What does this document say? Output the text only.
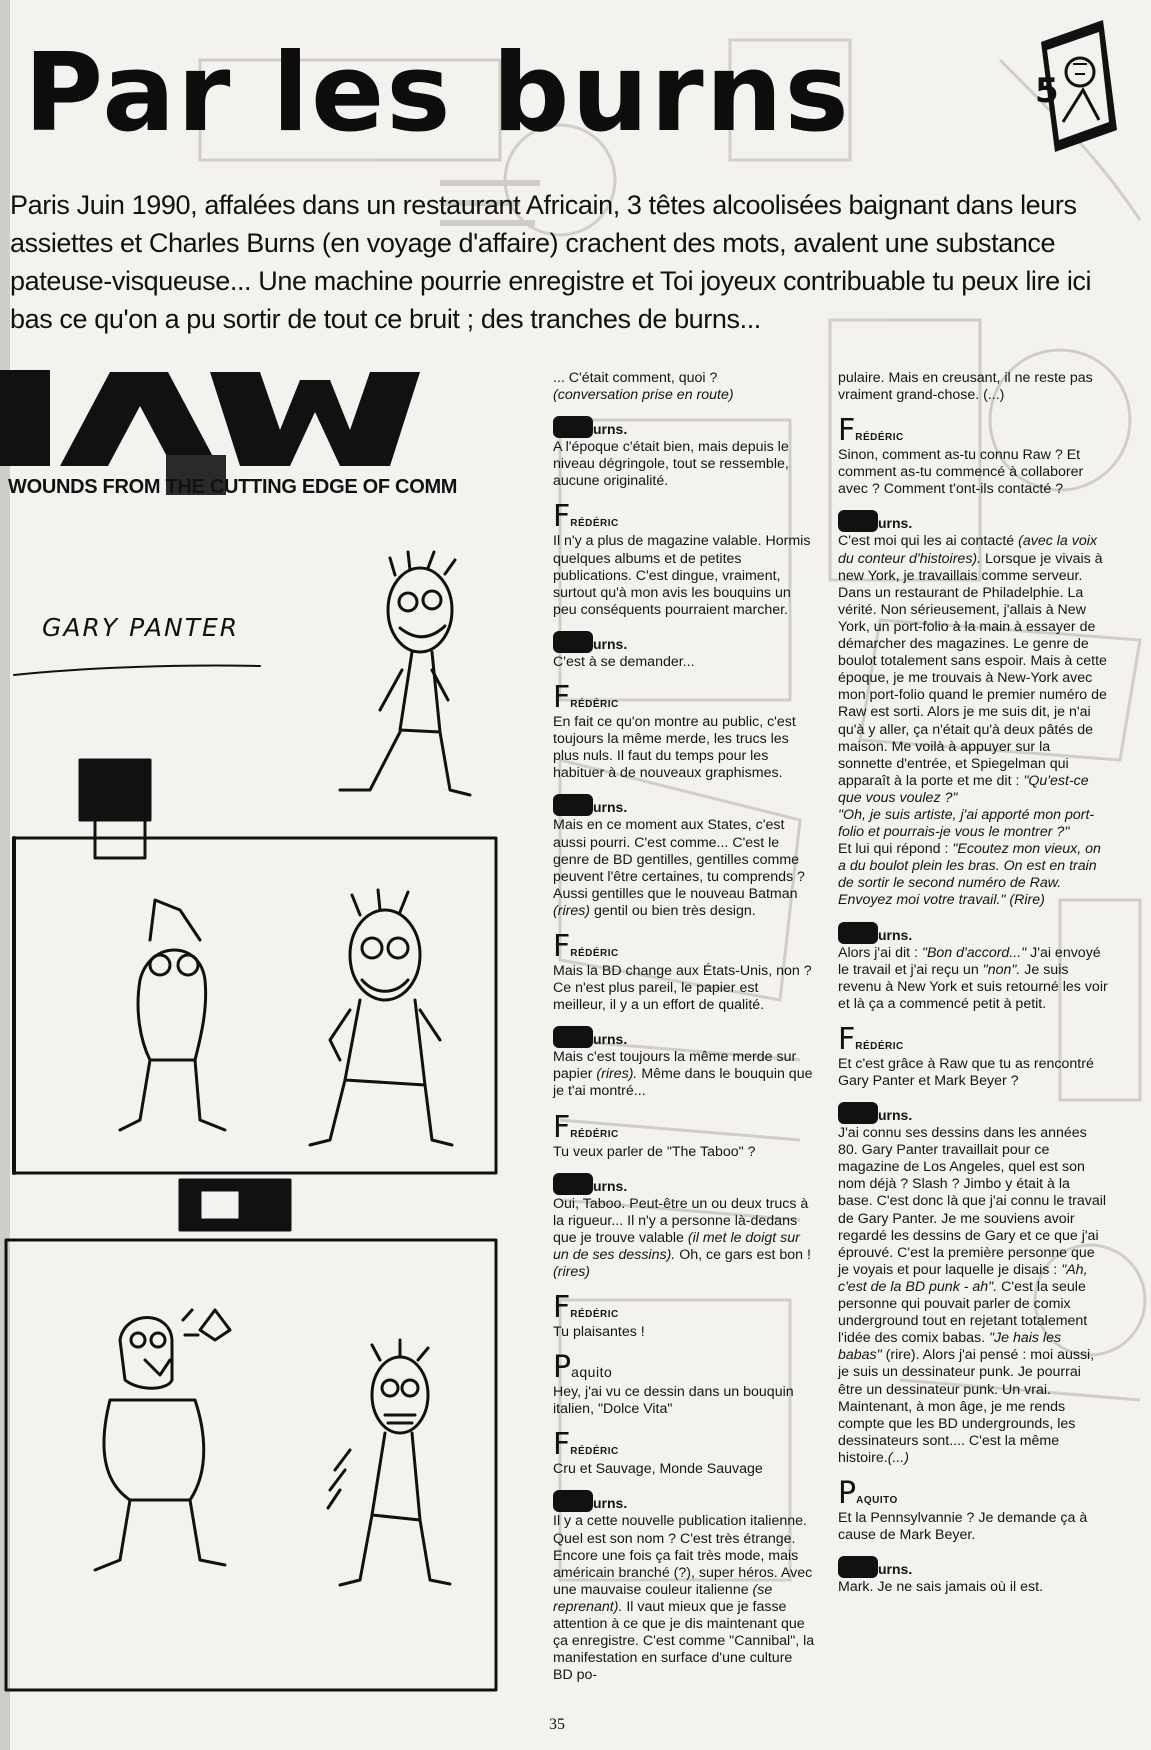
Par les burns	5

Paris Juin 1990, affalées dans un restaurant Africain, 3 têtes alcoolisées baignant dans leurs assiettes et Charles Burns (en voyage d'affaire) crachent des mots, avalent une substance pateuse-visqueuse... Une machine pourrie enregistre et Toi joyeux contribuable tu peux lire ici bas ce qu'on a pu sortir de tout ce bruit ; des tranches de burns...

RAW

WOUNDS FROM THE CUTTING EDGE OF COMM

GARY PANTER

... C'était comment, quoi ?
(conversation prise en route)

urns.
A l'époque c'était bien, mais depuis le niveau dégringole, tout se ressemble, aucune originalité.
FRÉDÉRIC
Il n'y a plus de magazine valable. Hormis quelques albums et de petites publications. C'est dingue, vraiment, surtout qu'à mon avis les bouquins un peu conséquents pourraient marcher.
urns.
C'est à se demander...
FRÉDÉRIC
En fait ce qu'on montre au public, c'est toujours la même merde, les trucs les plus nuls. Il faut du temps pour les habituer à de nouveaux graphismes.
urns.
Mais en ce moment aux States, c'est aussi pourri. C'est comme... C'est le genre de BD gentilles, gentilles comme peuvent l'être certaines, tu comprends ? Aussi gentilles que le nouveau Batman (rires) gentil ou bien très design.
FRÉDÉRIC
Mais la BD change aux États-Unis, non ? Ce n'est plus pareil, le papier est meilleur, il y a un effort de qualité.
urns.
Mais c'est toujours la même merde sur papier (rires). Même dans le bouquin que je t'ai montré...
FRÉDÉRIC
Tu veux parler de "The Taboo" ?
urns.
Oui, Taboo. Peut-être un ou deux trucs à la rigueur... Il n'y a personne là-dedans que je trouve valable (il met le doigt sur un de ses dessins). Oh, ce gars est bon ! (rires)
FRÉDÉRIC
Tu plaisantes !
Paquito
Hey, j'ai vu ce dessin dans un bouquin italien, "Dolce Vita"
FRÉDÉRIC
Cru et Sauvage, Monde Sauvage
urns.
Il y a cette nouvelle publication italienne. Quel est son nom ? C'est très étrange. Encore une fois ça fait très mode, mais américain branché (?), super héros. Avec une mauvaise couleur italienne (se reprenant). Il vaut mieux que je fasse attention à ce que je dis maintenant que ça enregistre. C'est comme "Cannibal", la manifestation en surface d'une culture BD po-

pulaire. Mais en creusant, il ne reste pas vraiment grand-chose. (...)

FRÉDÉRIC
Sinon, comment as-tu connu Raw ? Et comment as-tu commencé à collaborer avec ? Comment t'ont-ils contacté ?
urns.
C'est moi qui les ai contacté (avec la voix du conteur d'histoires). Lorsque je vivais à new York, je travaillais comme serveur. Dans un restaurant de Philadelphie. La vérité. Non sérieusement, j'allais à New York, un port-folio à la main à essayer de démarcher des magazines. Le genre de boulot totalement sans espoir. Mais à cette époque, je me trouvais à New-York avec mon port-folio quand le premier numéro de Raw est sorti. Alors je me suis dit, je n'ai qu'à y aller, ça n'était qu'à deux pâtés de maison. Me voilà à appuyer sur la sonnette d'entrée, et Spiegelman qui apparaît à la porte et me dit : "Qu'est-ce que vous voulez ?"
"Oh, je suis artiste, j'ai apporté mon port-folio et pourrais-je vous le montrer ?"
Et lui qui répond : "Ecoutez mon vieux, on a du boulot plein les bras. On est en train de sortir le second numéro de Raw. Envoyez moi votre travail." (Rire)
urns.
Alors j'ai dit : "Bon d'accord..." J'ai envoyé le travail et j'ai reçu un "non". Je suis revenu à New York et suis retourné les voir et là ça a commencé petit à petit.
FRÉDÉRIC
Et c'est grâce à Raw que tu as rencontré Gary Panter et Mark Beyer ?
urns.
J'ai connu ses dessins dans les années 80. Gary Panter travaillait pour ce magazine de Los Angeles, quel est son nom déjà ? Slash ? Jimbo y était à la base. C'est donc là que j'ai connu le travail de Gary Panter. Je me souviens avoir regardé les dessins de Gary et ce que j'ai éprouvé. C'est la première personne que je voyais et pour laquelle je disais : "Ah, c'est de la BD punk - ah". C'est la seule personne qui pouvait parler de comix underground tout en rejetant totalement l'idée des comix babas. "Je hais les babas" (rire). Alors j'ai pensé : moi aussi, je suis un dessinateur punk. Je pourrai être un dessinateur punk. Un vrai. Maintenant, à mon âge, je me rends compte que les BD undergrounds, les dessinateurs sont.... C'est la même histoire.(...)
PAQUITO
Et la Pennsylvannie ? Je demande ça à cause de Mark Beyer.
urns.
Mark. Je ne sais jamais où il est.
35
